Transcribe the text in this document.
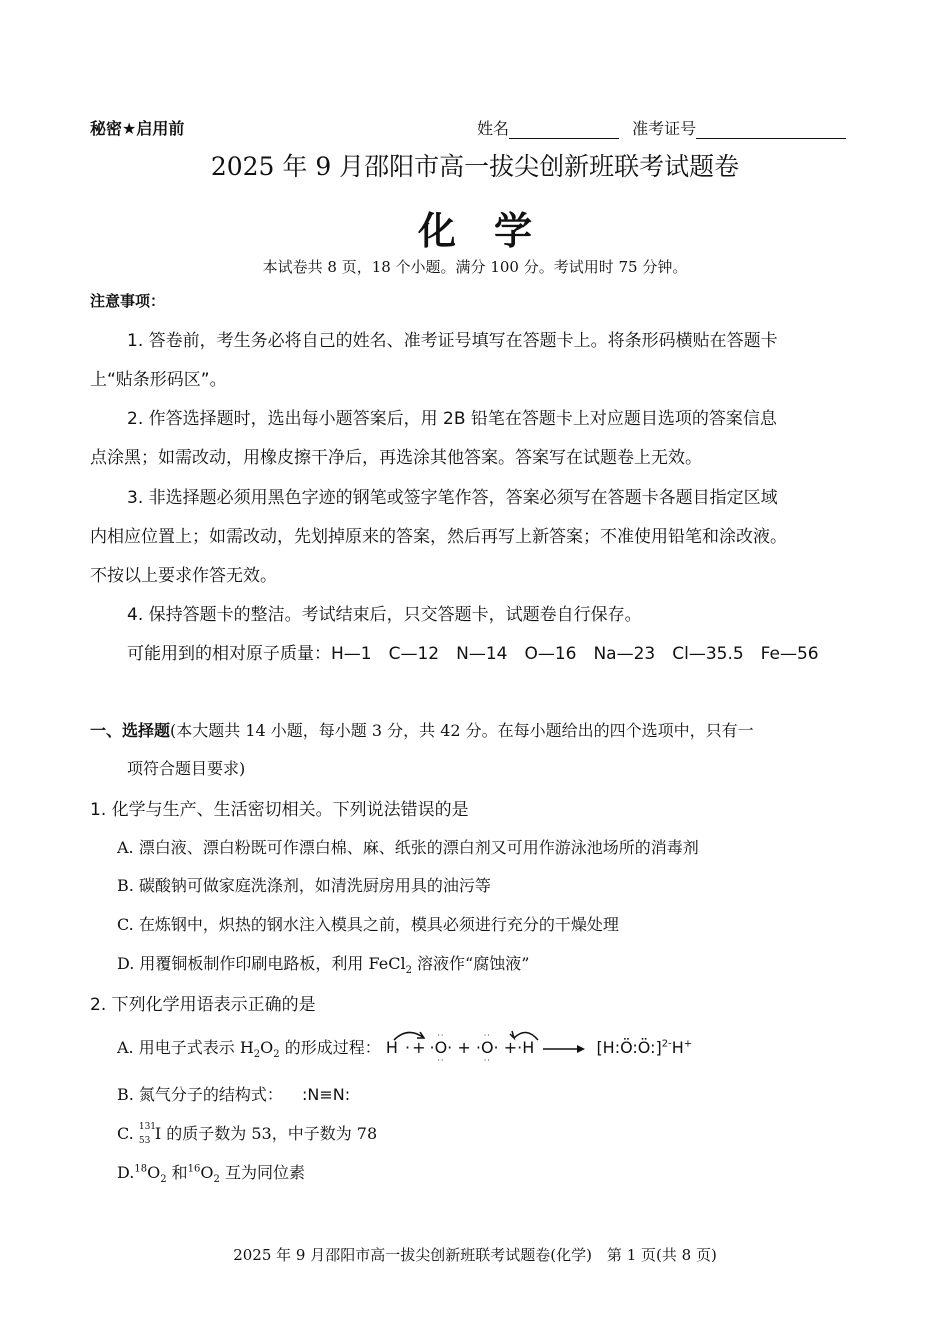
秘密★启用前	姓名	准考证号
2025 年 9 月邵阳市高一拔尖创新班联考试题卷
化　学
本试卷共 8 页，18 个小题。满分 100 分。考试用时 75 分钟。
注意事项：
1. 答卷前，考生务必将自己的姓名、准考证号填写在答题卡上。将条形码横贴在答题卡
上“贴条形码区”。
2. 作答选择题时，选出每小题答案后，用 2B 铅笔在答题卡上对应题目选项的答案信息
点涂黑；如需改动，用橡皮擦干净后，再选涂其他答案。答案写在试题卷上无效。
3. 非选择题必须用黑色字迹的钢笔或签字笔作答，答案必须写在答题卡各题目指定区域
内相应位置上；如需改动，先划掉原来的答案，然后再写上新答案；不准使用铅笔和涂改液。
不按以上要求作答无效。
4. 保持答题卡的整洁。考试结束后，只交答题卡，试题卷自行保存。
可能用到的相对原子质量：H—1　C—12　N—14　O—16　Na—23　Cl—35.5　Fe—56
一、选择题(本大题共 14 小题，每小题 3 分，共 42 分。在每小题给出的四个选项中，只有一
项符合题目要求)
1. 化学与生产、生活密切相关。下列说法错误的是
A. 漂白液、漂白粉既可作漂白棉、麻、纸张的漂白剂又可用作游泳池场所的消毒剂
B. 碳酸钠可做家庭洗涤剂，如清洗厨房用具的油污等
C. 在炼钢中，炽热的钢水注入模具之前，模具必须进行充分的干燥处理
D. 用覆铜板制作印刷电路板，利用 FeCl$_2$ 溶液作“腐蚀液”
2. 下列化学用语表示正确的是
A. 用电子式表示 $H_2O_2$ 的形成过程： H · +
··
··
·O· +
··
··
·O· +·H → [H:Ö:Ö:]$^{2-}$H+
B. 氮气分子的结构式： :N≡N:
C. 131
53 I 的质子数为 53，中子数为 78
$D.^{18}O_2$ 和$^{16}O_2$ 互为同位素
2025 年 9 月邵阳市高一拔尖创新班联考试题卷(化学)　第 1 页(共 8 页)
